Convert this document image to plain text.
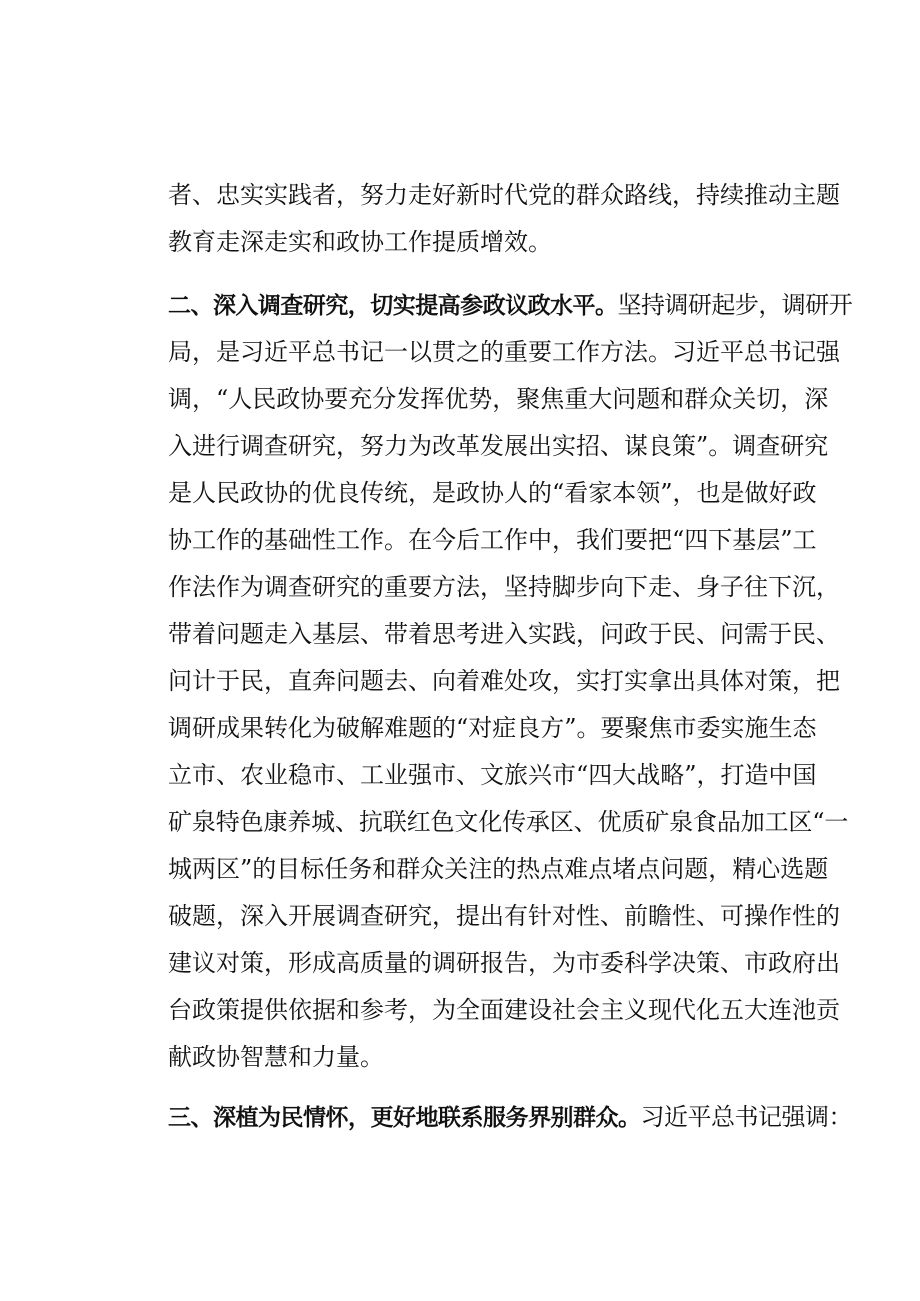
者、忠实实践者，努力走好新时代党的群众路线，持续推动主题
教育走深走实和政协工作提质增效。
二、深入调查研究，切实提高参政议政水平。坚持调研起步，调研开
局，是习近平总书记一以贯之的重要工作方法。习近平总书记强
调，“人民政协要充分发挥优势，聚焦重大问题和群众关切，深
入进行调查研究，努力为改革发展出实招、谋良策”。调查研究
是人民政协的优良传统，是政协人的“看家本领”，也是做好政
协工作的基础性工作。在今后工作中，我们要把“四下基层”工
作法作为调查研究的重要方法，坚持脚步向下走、身子往下沉，
带着问题走入基层、带着思考进入实践，问政于民、问需于民、
问计于民，直奔问题去、向着难处攻，实打实拿出具体对策，把
调研成果转化为破解难题的“对症良方”。要聚焦市委实施生态
立市、农业稳市、工业强市、文旅兴市“四大战略”，打造中国
矿泉特色康养城、抗联红色文化传承区、优质矿泉食品加工区“一
城两区”的目标任务和群众关注的热点难点堵点问题，精心选题
破题，深入开展调查研究，提出有针对性、前瞻性、可操作性的
建议对策，形成高质量的调研报告，为市委科学决策、市政府出
台政策提供依据和参考，为全面建设社会主义现代化五大连池贡
献政协智慧和力量。
三、深植为民情怀，更好地联系服务界别群众。习近平总书记强调：
